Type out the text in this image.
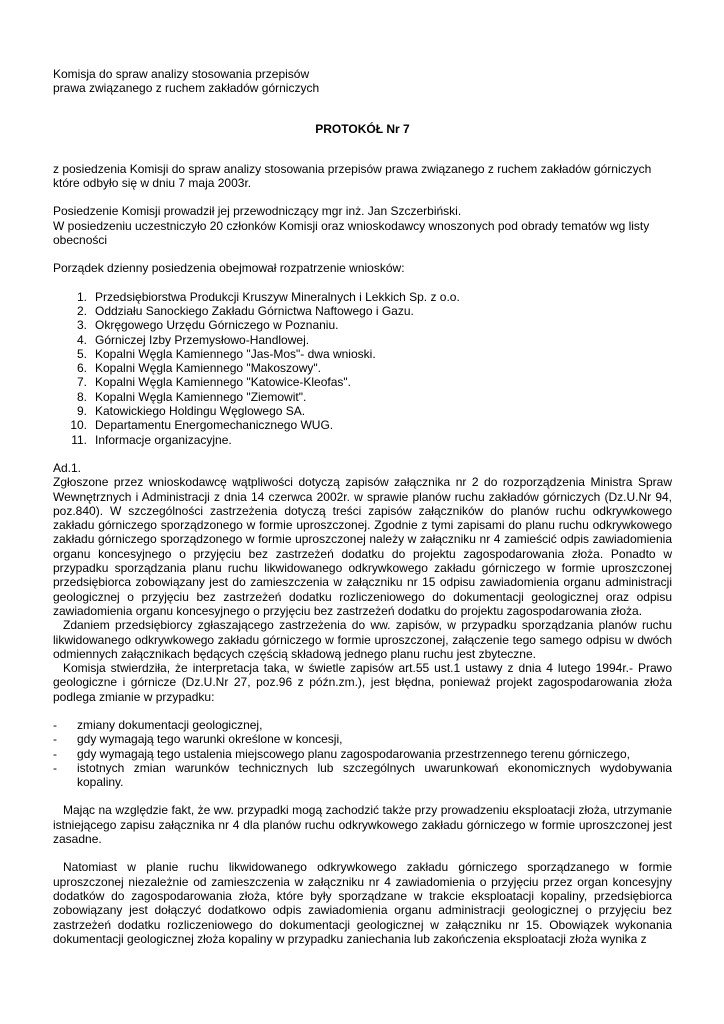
Komisja do spraw analizy stosowania przepisów
prawa związanego z ruchem zakładów górniczych
PROTOKÓŁ Nr 7

z posiedzenia Komisji do spraw analizy stosowania przepisów prawa związanego z ruchem zakładów górniczych które odbyło się w dniu 7 maja 2003r.

Posiedzenie Komisji prowadził jej przewodniczący mgr inż. Jan Szczerbiński.

W posiedzeniu uczestniczyło 20 członków Komisji oraz wnioskodawcy wnoszonych pod obrady tematów wg listy obecności

Porządek dzienny posiedzenia obejmował rozpatrzenie wniosków:

1. Przedsiębiorstwa Produkcji Kruszyw Mineralnych i Lekkich Sp. z o.o.
2. Oddziału Sanockiego Zakładu Górnictwa Naftowego i Gazu.
3. Okręgowego Urzędu Górniczego w Poznaniu.
4. Górniczej Izby Przemysłowo-Handlowej.
5. Kopalni Węgla Kamiennego "Jas-Mos"- dwa wnioski.
6. Kopalni Węgla Kamiennego "Makoszowy".
7. Kopalni Węgla Kamiennego "Katowice-Kleofas".
8. Kopalni Węgla Kamiennego "Ziemowit".
9. Katowickiego Holdingu Węglowego SA.
10. Departamentu Energomechanicznego WUG.
11. Informacje organizacyjne.

Ad.1.

Zgłoszone przez wnioskodawcę wątpliwości dotyczą zapisów załącznika nr 2 do rozporządzenia Ministra Spraw Wewnętrznych i Administracji z dnia 14 czerwca 2002r. w sprawie planów ruchu zakładów górniczych (Dz.U.Nr 94, poz.840). W szczególności zastrzeżenia dotyczą treści zapisów załączników do planów ruchu odkrywkowego zakładu górniczego sporządzonego w formie uproszczonej. Zgodnie z tymi zapisami do planu ruchu odkrywkowego zakładu górniczego sporządzonego w formie uproszczonej należy w załączniku nr 4 zamieścić odpis zawiadomienia organu koncesyjnego o przyjęciu bez zastrzeżeń dodatku do projektu zagospodarowania złoża. Ponadto w przypadku sporządzania planu ruchu likwidowanego odkrywkowego zakładu górniczego w formie uproszczonej przedsiębiorca zobowiązany jest do zamieszczenia w załączniku nr 15 odpisu zawiadomienia organu administracji geologicznej o przyjęciu bez zastrzeżeń dodatku rozliczeniowego do dokumentacji geologicznej oraz odpisu zawiadomienia organu koncesyjnego o przyjęciu bez zastrzeżeń dodatku do projektu zagospodarowania złoża.

Zdaniem przedsiębiorcy zgłaszającego zastrzeżenia do ww. zapisów, w przypadku sporządzania planów ruchu likwidowanego odkrywkowego zakładu górniczego w formie uproszczonej, załączenie tego samego odpisu w dwóch odmiennych załącznikach będących częścią składową jednego planu ruchu jest zbyteczne.

Komisja stwierdziła, że interpretacja taka, w świetle zapisów art.55 ust.1 ustawy z dnia 4 lutego 1994r.- Prawo geologiczne i górnicze (Dz.U.Nr 27, poz.96 z późn.zm.), jest błędna, ponieważ projekt zagospodarowania złoża podlega zmianie w przypadku:

-	zmiany dokumentacji geologicznej,
-	gdy wymagają tego warunki określone w koncesji,
-	gdy wymagają tego ustalenia miejscowego planu zagospodarowania przestrzennego terenu górniczego,
-	istotnych zmian warunków technicznych lub szczególnych uwarunkowań ekonomicznych wydobywania kopaliny.

Mając na względzie fakt, że ww. przypadki mogą zachodzić także przy prowadzeniu eksploatacji złoża, utrzymanie istniejącego zapisu załącznika nr 4 dla planów ruchu odkrywkowego zakładu górniczego w formie uproszczonej jest zasadne.

Natomiast w planie ruchu likwidowanego odkrywkowego zakładu górniczego sporządzanego w formie uproszczonej niezależnie od zamieszczenia w załączniku nr 4 zawiadomienia o przyjęciu przez organ koncesyjny dodatków do zagospodarowania złoża, które były sporządzane w trakcie eksploatacji kopaliny, przedsiębiorca zobowiązany jest dołączyć dodatkowo odpis zawiadomienia organu administracji geologicznej o przyjęciu bez zastrzeżeń dodatku rozliczeniowego do dokumentacji geologicznej w załączniku nr 15. Obowiązek wykonania dokumentacji geologicznej złoża kopaliny w przypadku zaniechania lub zakończenia eksploatacji złoża wynika z
